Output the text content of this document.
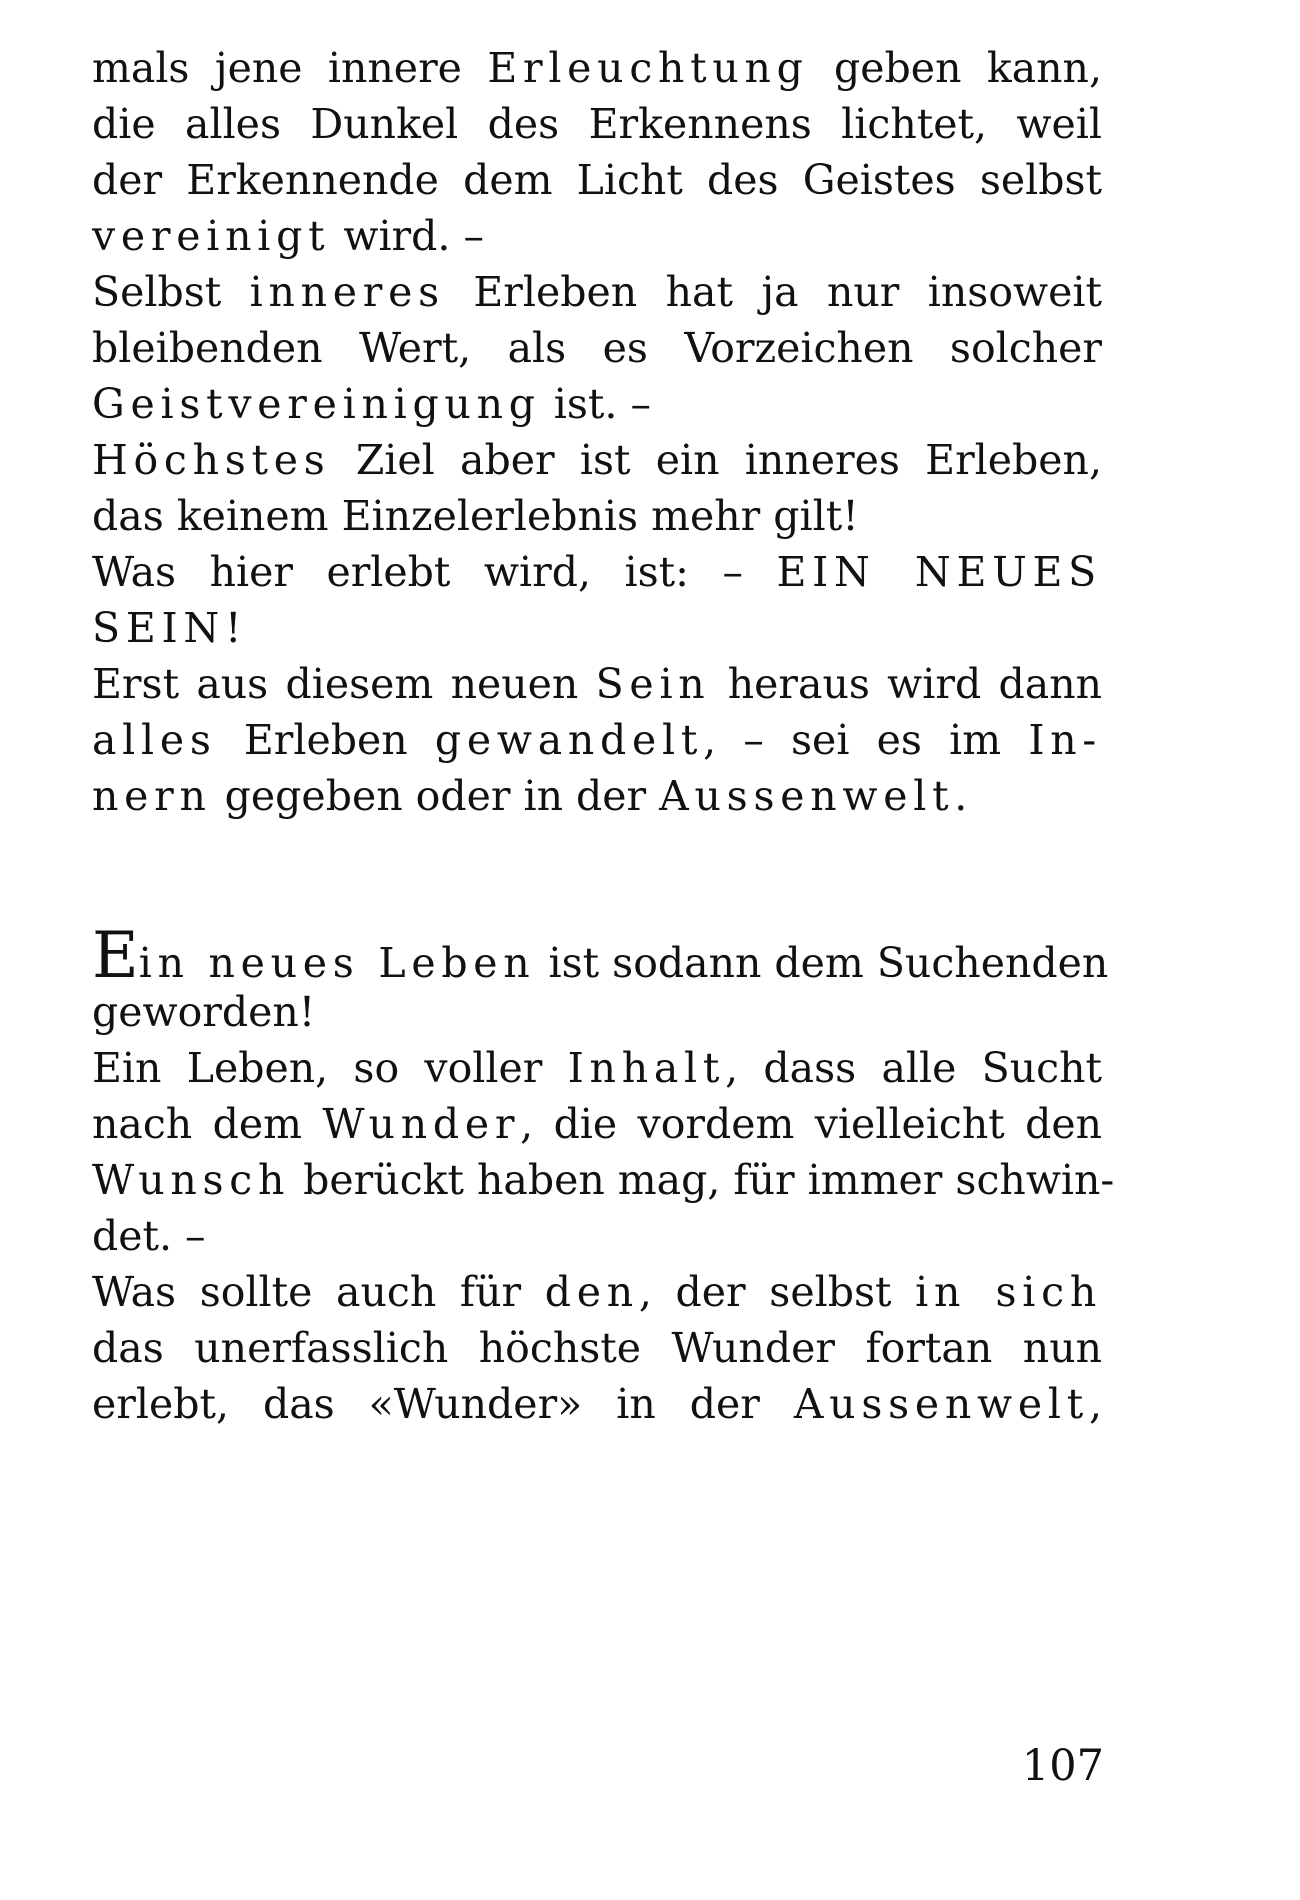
mals jene innere Erleuchtung geben kann,
die alles Dunkel des Erkennens lichtet, weil
der Erkennende dem Licht des Geistes selbst
vereinigt wird. –
Selbst inneres Erleben hat ja nur insoweit
bleibenden Wert, als es Vorzeichen solcher
Geistvereinigung ist. –
Höchstes Ziel aber ist ein inneres Erleben,
das keinem Einzelerlebnis mehr gilt!
Was hier erlebt wird, ist: – EIN NEUES
SEIN!
Erst aus diesem neuen Sein heraus wird dann
alles Erleben gewandelt, – sei es im In-
nern gegeben oder in der Aussenwelt.
Ein neues Leben ist sodann dem Suchenden
geworden!
Ein Leben, so voller Inhalt, dass alle Sucht
nach dem Wunder, die vordem vielleicht den
Wunsch berückt haben mag, für immer schwin-
det. –
Was sollte auch für den, der selbst in sich
das unerfasslich höchste Wunder fortan nun
erlebt, das «Wunder» in der Aussenwelt,
107
